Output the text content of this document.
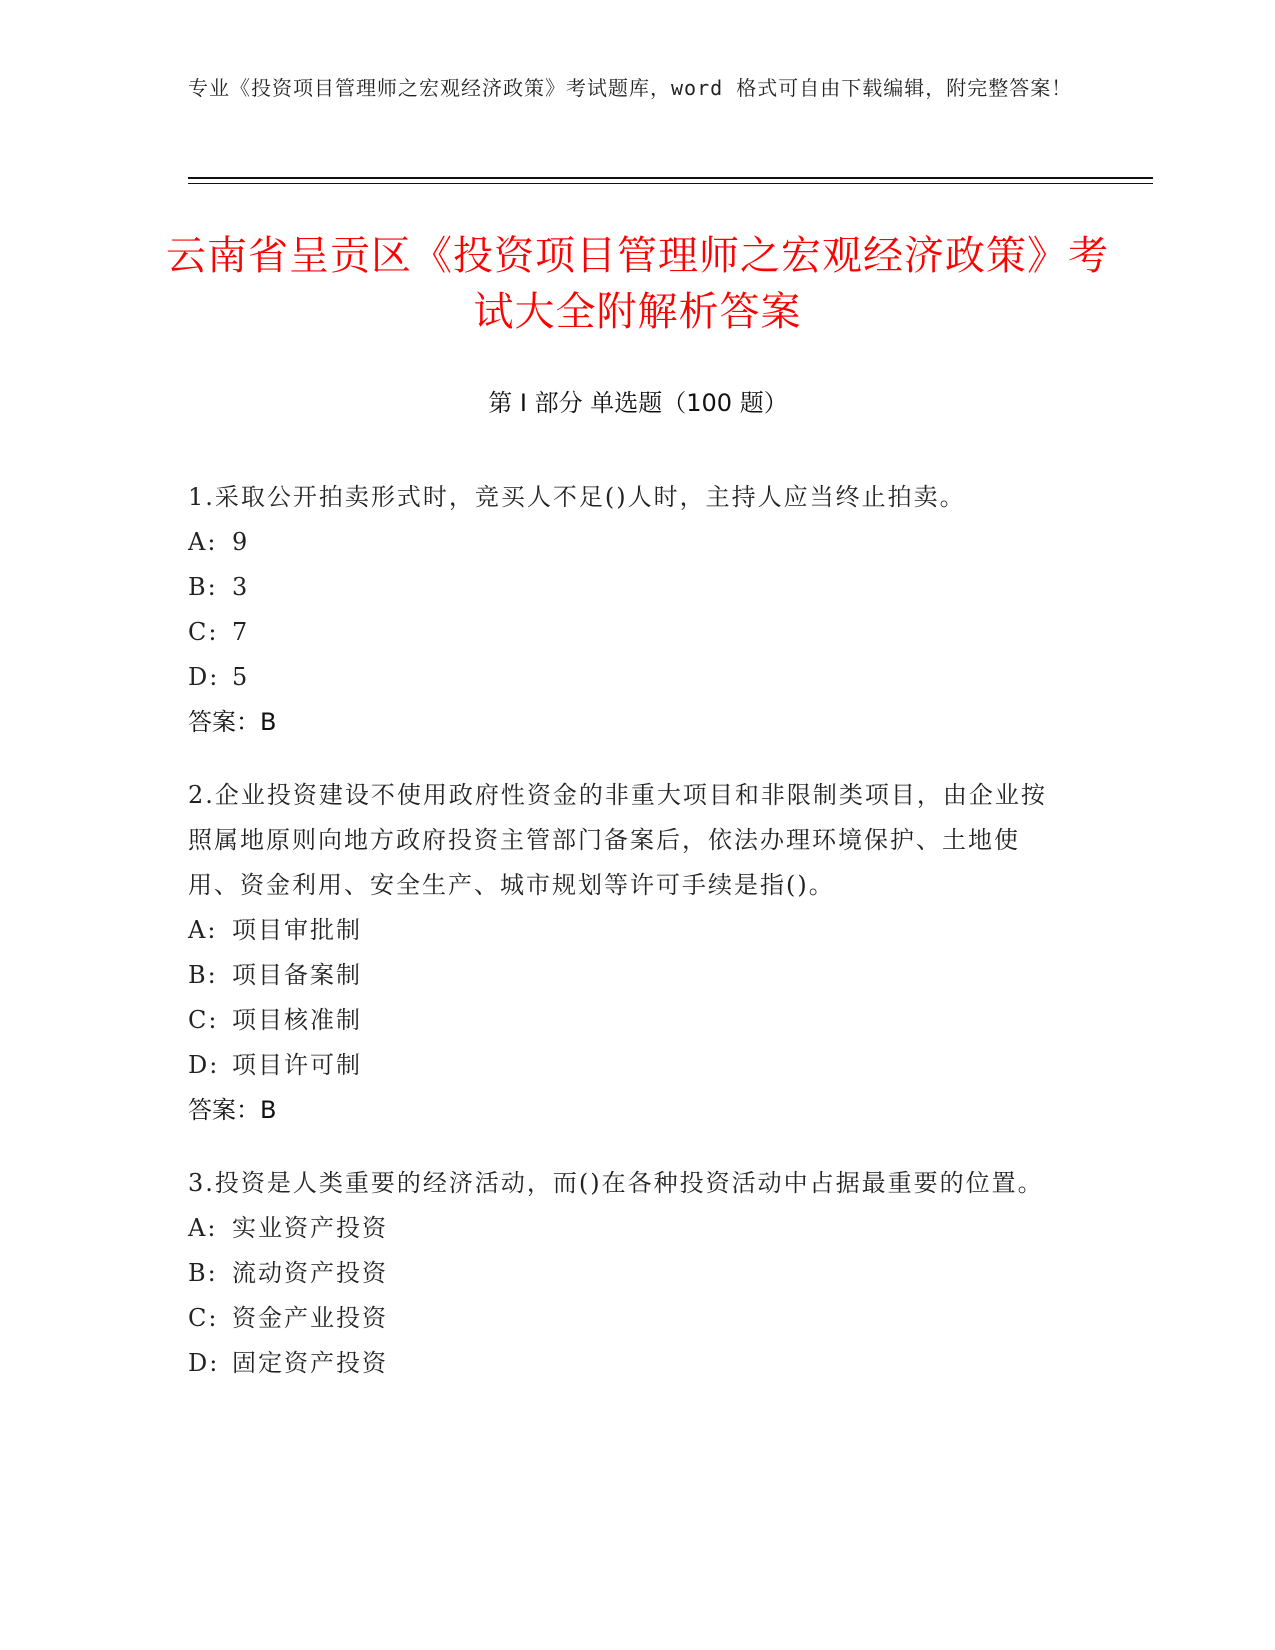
专业《投资项目管理师之宏观经济政策》考试题库，word 格式可自由下载编辑，附完整答案！
云南省呈贡区《投资项目管理师之宏观经济政策》考试大全附解析答案
第 I 部分 单选题（100 题）
1.采取公开拍卖形式时，竞买人不足()人时，主持人应当终止拍卖。
A: 9
B: 3
C: 7
D: 5
答案：B
2.企业投资建设不使用政府性资金的非重大项目和非限制类项目，由企业按照属地原则向地方政府投资主管部门备案后，依法办理环境保护、土地使用、资金利用、安全生产、城市规划等许可手续是指()。
A: 项目审批制
B: 项目备案制
C: 项目核准制
D: 项目许可制
答案：B
3.投资是人类重要的经济活动，而()在各种投资活动中占据最重要的位置。
A: 实业资产投资
B: 流动资产投资
C: 资金产业投资
D: 固定资产投资
